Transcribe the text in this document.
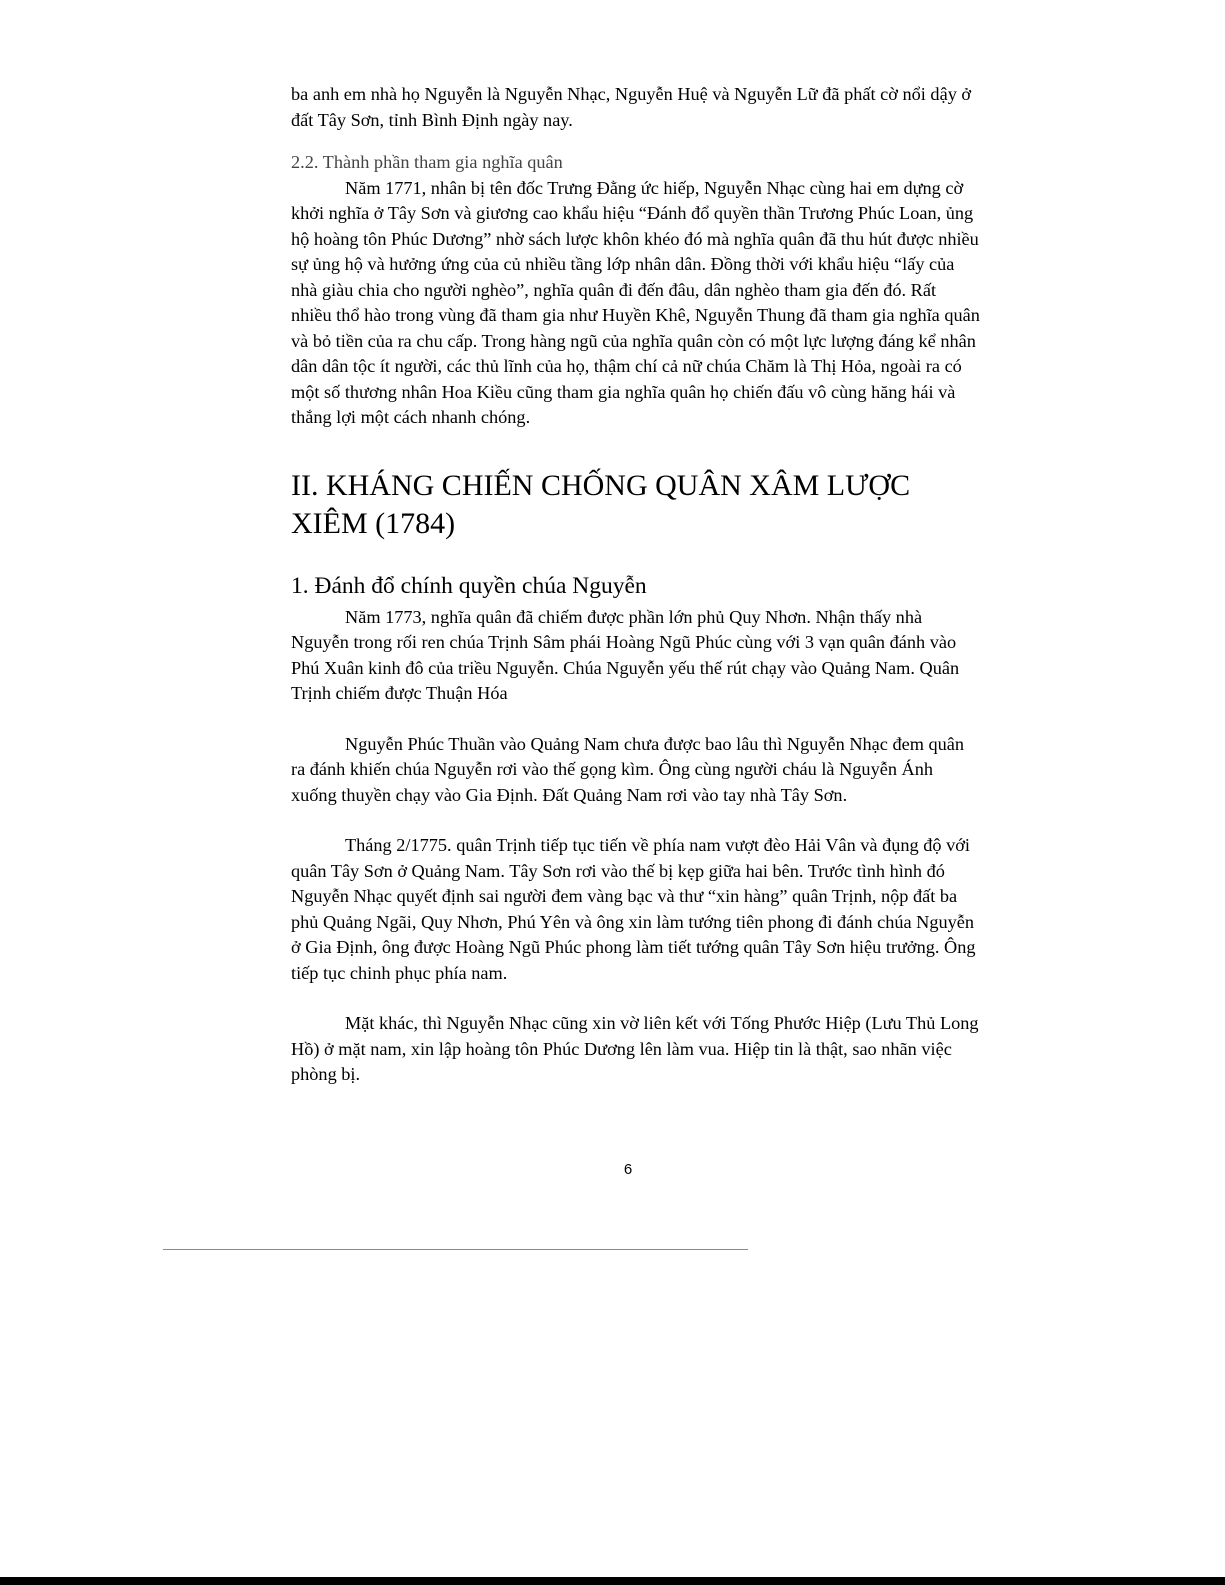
ba anh em nhà họ Nguyễn là Nguyễn Nhạc, Nguyễn Huệ và Nguyễn Lữ đã phất cờ nổi dậy ở đất Tây Sơn, tỉnh Bình Định ngày nay.

2.2. Thành phần tham gia nghĩa quân

Năm 1771, nhân bị tên đốc Trưng Đằng ức hiếp, Nguyễn Nhạc cùng hai em dựng cờ khởi nghĩa ở Tây Sơn và giương cao khẩu hiệu “Đánh đổ quyền thần Trương Phúc Loan, ủng hộ hoàng tôn Phúc Dương” nhờ sách lược khôn khéo đó mà nghĩa quân đã thu hút được nhiều sự ủng hộ và hưởng ứng của củ nhiều tầng lớp nhân dân. Đồng thời với khẩu hiệu “lấy của nhà giàu chia cho người nghèo”, nghĩa quân đi đến đâu, dân nghèo tham gia đến đó. Rất nhiều thổ hào trong vùng đã tham gia như Huyền Khê, Nguyễn Thung đã tham gia nghĩa quân và bỏ tiền của ra chu cấp. Trong hàng ngũ của nghĩa quân còn có một lực lượng đáng kể nhân dân dân tộc ít người, các thủ lĩnh của họ, thậm chí cả nữ chúa Chăm là Thị Hỏa, ngoài ra có một số thương nhân Hoa Kiều cũng tham gia nghĩa quân họ chiến đấu vô cùng hăng hái và thắng lợi một cách nhanh chóng.

II. KHÁNG CHIẾN CHỐNG QUÂN XÂM LƯỢC
XIÊM (1784)
1. Đánh đổ chính quyền chúa Nguyễn

Năm 1773, nghĩa quân đã chiếm được phần lớn phủ Quy Nhơn. Nhận thấy nhà Nguyễn trong rối ren chúa Trịnh Sâm phái Hoàng Ngũ Phúc cùng với 3 vạn quân đánh vào Phú Xuân kinh đô của triều Nguyễn. Chúa Nguyễn yếu thế rút chạy vào Quảng Nam. Quân Trịnh chiếm được Thuận Hóa

Nguyễn Phúc Thuần vào Quảng Nam chưa được bao lâu thì Nguyễn Nhạc đem quân ra đánh khiến chúa Nguyễn rơi vào thế gọng kìm. Ông cùng người cháu là Nguyễn Ánh xuống thuyền chạy vào Gia Định. Đất Quảng Nam rơi vào tay nhà Tây Sơn.

Tháng 2/1775. quân Trịnh tiếp tục tiến về phía nam vượt đèo Hải Vân và đụng độ với quân Tây Sơn ở Quảng Nam. Tây Sơn rơi vào thế bị kẹp giữa hai bên. Trước tình hình đó Nguyễn Nhạc quyết định sai người đem vàng bạc và thư “xin hàng” quân Trịnh, nộp đất ba phủ Quảng Ngãi, Quy Nhơn, Phú Yên và ông xin làm tướng tiên phong đi đánh chúa Nguyễn ở Gia Định, ông được Hoàng Ngũ Phúc phong làm tiết tướng quân Tây Sơn hiệu trưởng. Ông tiếp tục chinh phục phía nam.

Mặt khác, thì Nguyễn Nhạc cũng xin vờ liên kết với Tống Phước Hiệp (Lưu Thủ Long Hồ) ở mặt nam, xin lập hoàng tôn Phúc Dương lên làm vua. Hiệp tin là thật, sao nhãn việc phòng bị.

6
